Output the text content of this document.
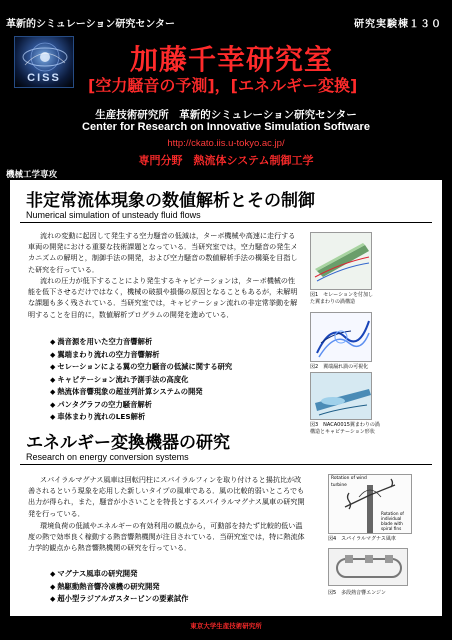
革新的シミュレーション研究センター	研究実験棟１３０
CISS
加藤千幸研究室
[空力騒音の予測]，[エネルギー変換]
生産技術研究所　革新的シミュレーション研究センター
Center for Research on Innovative Simulation Software
http://ckato.iis.u-tokyo.ac.jp/
専門分野　熱流体システム制御工学
機械工学専攻
非定常流体現象の数値解析とその制御
Numerical simulation of unsteady fluid flows

流れの変動に起因して発生する空力騒音の低減は，ターボ機械や高速に走行する車両の開発における重要な技術課題となっている．当研究室では，空力騒音の発生メカニズムの解明と，制御手法の開発，および空力騒音の数値解析手法の構築を目指した研究を行っている．

流れの圧力が低下することにより発生するキャビテーションは，ターボ機械の性能を低下させるだけではなく，機械の破損や損傷の原因となることもあるが，未解明な課題も多く残されている．当研究室では，キャビテーション流れの非定常挙動を解明することを目的に，数値解析プログラムの開発を進めている．

◆ 渦音源を用いた空力音響解析
◆ 翼端まわり流れの空力音響解析
◆ セレーションによる翼の空力騒音の低減に関する研究
◆ キャビテーション流れ予測手法の高度化
◆ 熱流体音響現象の超並列計算システムの開発
◆ パンタグラフの空力騒音解析
◆ 車体まわり流れのLES解析
図1　セレーションを付加した翼まわりの渦構造
図2　翼端漏れ渦の可視化
図3　NACA0015翼まわりの渦構造とキャビテーション形状
エネルギー変換機器の研究
Research on energy conversion systems

スパイラルマグナス風車は回転円柱にスパイラルフィンを取り付けると揚抗比が改善されるという現象を応用した新しいタイプの風車である．風の比較的弱いところでも出力が得られ，また，騒音が小さいことを特長とするスパイラルマグナス風車の研究開発を行っている．

環境負荷の低減やエネルギーの有効利用の観点から，可動部を持たず比較的低い温度の熱で効率良く稼動する熱音響熱機関が注目されている．当研究室では，特に熱流体力学的観点から熱音響熱機関の研究を行っている．

◆ マグナス風車の研究開発
◆ 熱駆動熱音響冷凍機の研究開発
◆ 超小型ラジアルガスタービンの要素試作
Rotation of wind turbine
Rotation of individual blade with spiral fins
図4　スパイラルマグナス風車
図5　多段熱音響エンジン
東京大学生産技術研究所
